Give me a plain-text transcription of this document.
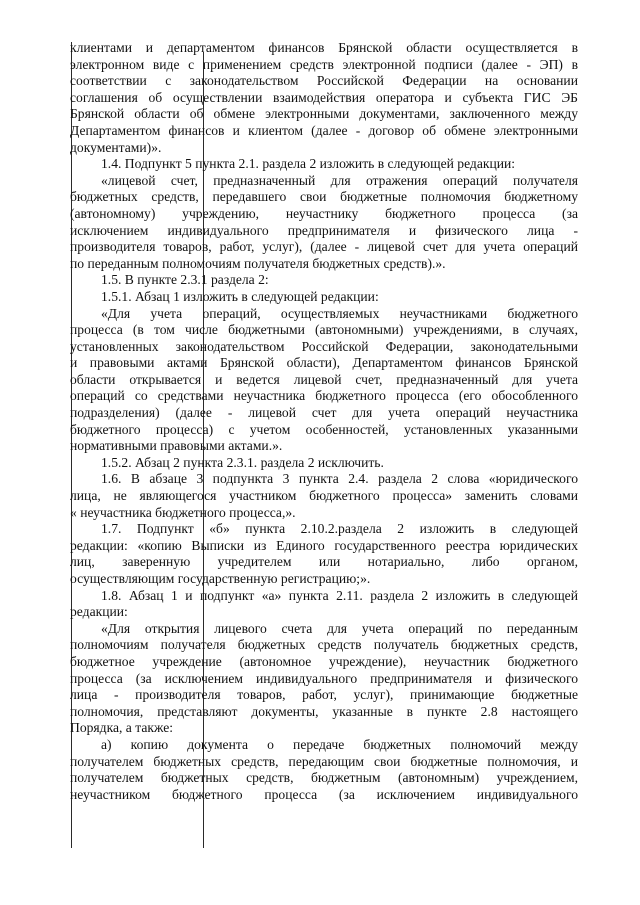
клиентами и департаментом финансов Брянской области осуществляется в
электронном виде с применением средств электронной подписи (далее - ЭП) в
соответствии с законодательством Российской Федерации на основании
соглашения об осуществлении взаимодействия оператора и субъекта ГИС ЭБ
Брянской области об обмене электронными документами, заключенного между
Департаментом финансов и клиентом (далее - договор об обмене электронными
документами)».
1.4. Подпункт 5 пункта 2.1. раздела 2 изложить в следующей редакции:
«лицевой счет, предназначенный для отражения операций получателя
бюджетных средств, передавшего свои бюджетные полномочия бюджетному
(автономному) учреждению, неучастнику бюджетного процесса (за
исключением индивидуального предпринимателя и физического лица -
производителя товаров, работ, услуг), (далее - лицевой счет для учета операций
по переданным полномочиям получателя бюджетных средств).».
1.5. В пункте 2.3.1 раздела 2:
1.5.1. Абзац 1 изложить в следующей редакции:
«Для учета операций, осуществляемых неучастниками бюджетного
процесса (в том числе бюджетными (автономными) учреждениями, в случаях,
установленных законодательством Российской Федерации, законодательными
и правовыми актами Брянской области), Департаментом финансов Брянской
области открывается и ведется лицевой счет, предназначенный для учета
операций со средствами неучастника бюджетного процесса (его обособленного
подразделения) (далее - лицевой счет для учета операций неучастника
бюджетного процесса) с учетом особенностей, установленных указанными
нормативными правовыми актами.».
1.5.2. Абзац 2 пункта 2.3.1. раздела 2 исключить.
1.6. В абзаце 3 подпункта 3 пункта 2.4. раздела 2 слова «юридического
лица, не являющегося участником бюджетного процесса» заменить словами
« неучастника бюджетного процесса,».
1.7. Подпункт «б» пункта 2.10.2.раздела 2 изложить в следующей
редакции: «копию Выписки из Единого государственного реестра юридических
лиц, заверенную учредителем или нотариально, либо органом,
осуществляющим государственную регистрацию;».
1.8. Абзац 1 и подпункт «а» пункта 2.11. раздела 2 изложить в следующей
редакции:
«Для открытия лицевого счета для учета операций по переданным
полномочиям получателя бюджетных средств получатель бюджетных средств,
бюджетное учреждение (автономное учреждение), неучастник бюджетного
процесса (за исключением индивидуального предпринимателя и физического
лица - производителя товаров, работ, услуг), принимающие бюджетные
полномочия, представляют документы, указанные в пункте 2.8 настоящего
Порядка, а также:
а) копию документа о передаче бюджетных полномочий между
получателем бюджетных средств, передающим свои бюджетные полномочия, и
получателем бюджетных средств, бюджетным (автономным) учреждением,
неучастником бюджетного процесса (за исключением индивидуального
